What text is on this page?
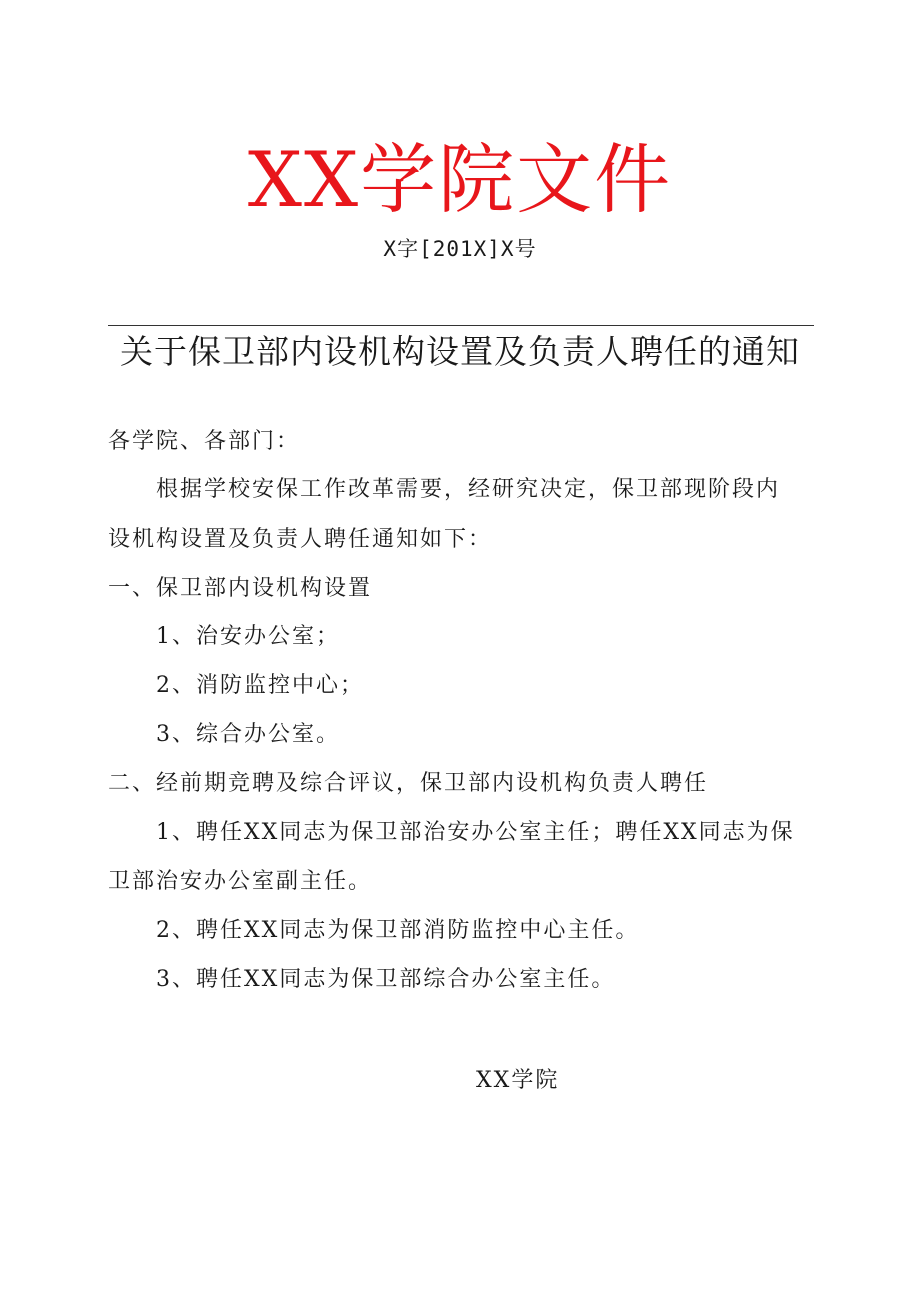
XX学院文件
X字[201X]X号
关于保卫部内设机构设置及负责人聘任的通知
各学院、各部门：
根据学校安保工作改革需要，经研究决定，保卫部现阶段内
设机构设置及负责人聘任通知如下：
一、保卫部内设机构设置
1、治安办公室；
2、消防监控中心；
3、综合办公室。
二、经前期竞聘及综合评议，保卫部内设机构负责人聘任
1、聘任XX同志为保卫部治安办公室主任；聘任XX同志为保
卫部治安办公室副主任。
2、聘任XX同志为保卫部消防监控中心主任。
3、聘任XX同志为保卫部综合办公室主任。
XX学院
